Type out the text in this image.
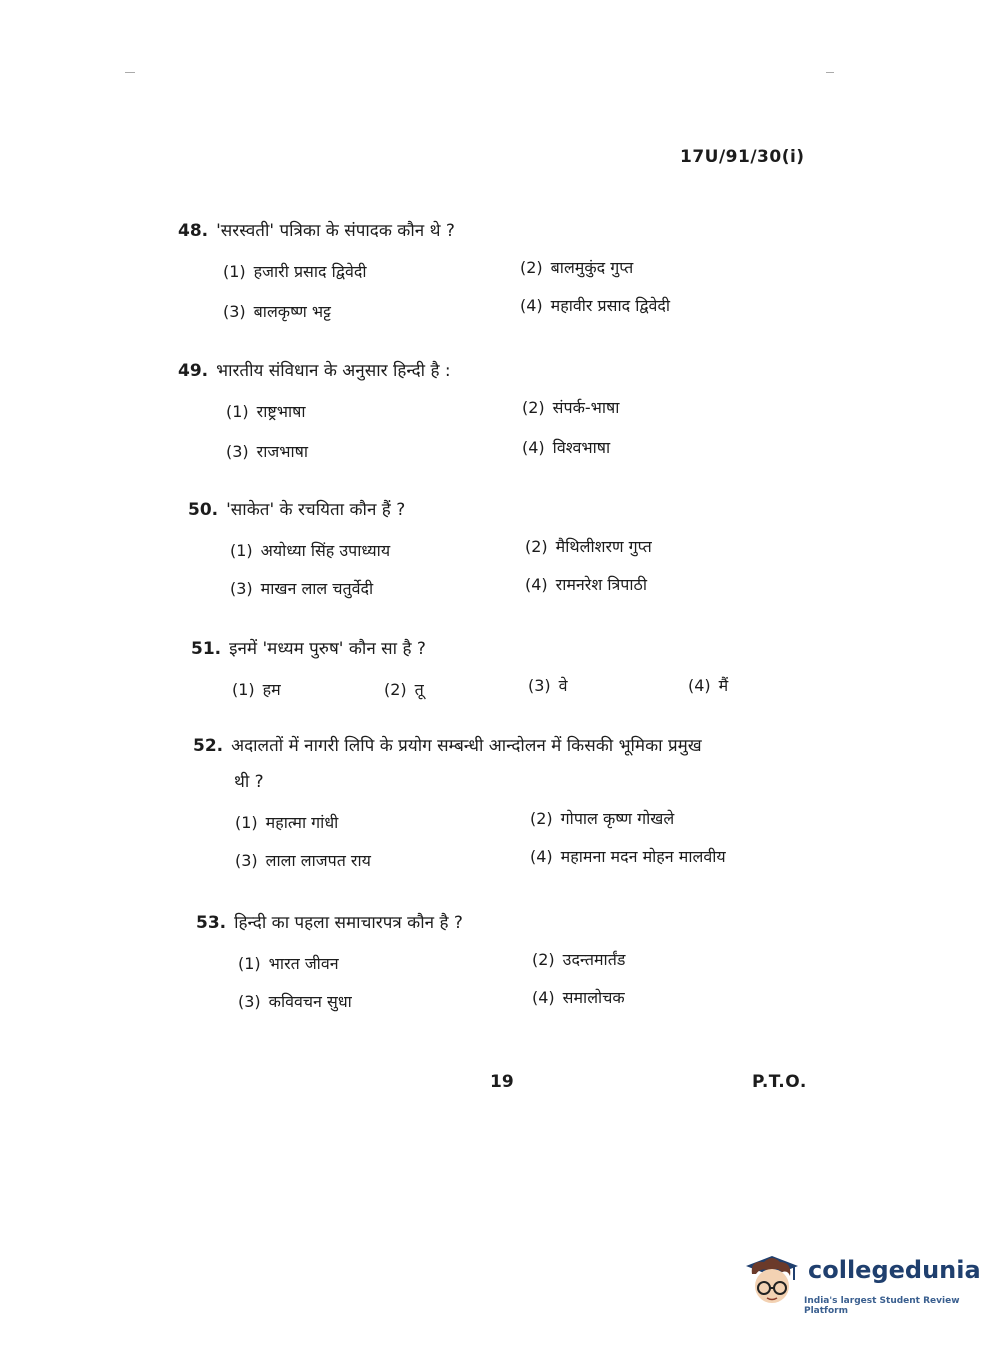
17U/91/30(i)
48. 'सरस्वती' पत्रिका के संपादक कौन थे ?
(1) हजारी प्रसाद द्विवेदी	(2) बालमुकुंद गुप्त
(3) बालकृष्ण भट्ट	(4) महावीर प्रसाद द्विवेदी
49. भारतीय संविधान के अनुसार हिन्दी है :
(1) राष्ट्रभाषा	(2) संपर्क-भाषा
(3) राजभाषा	(4) विश्वभाषा
50. 'साकेत' के रचयिता कौन हैं ?
(1) अयोध्या सिंह उपाध्याय	(2) मैथिलीशरण गुप्त
(3) माखन लाल चतुर्वेदी	(4) रामनरेश त्रिपाठी
51. इनमें 'मध्यम पुरुष' कौन सा है ?
(1) हम	(2) तू	(3) वे	(4) मैं
52. अदालतों में नागरी लिपि के प्रयोग सम्बन्धी आन्दोलन में किसकी भूमिका प्रमुख
थी ?
(1) महात्मा गांधी	(2) गोपाल कृष्ण गोखले
(3) लाला लाजपत राय	(4) महामना मदन मोहन मालवीय
53. हिन्दी का पहला समाचारपत्र कौन है ?
(1) भारत जीवन	(2) उदन्तमार्तंड
(3) कविवचन सुधा	(4) समालोचक
19	P.T.O.
collegedunia
India's largest Student Review Platform
